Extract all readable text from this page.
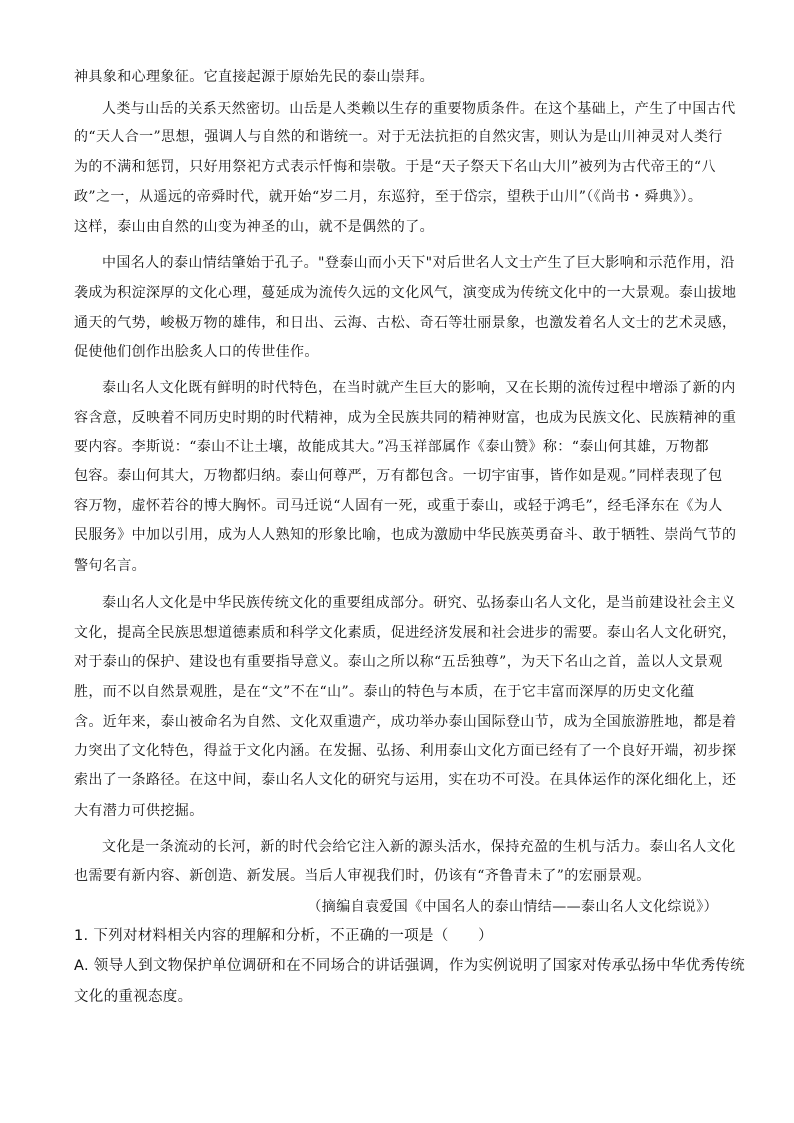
神具象和心理象征。它直接起源于原始先民的泰山崇拜。
人类与山岳的关系天然密切。山岳是人类赖以生存的重要物质条件。在这个基础上，产生了中国古代
的“天人合一”思想，强调人与自然的和谐统一。对于无法抗拒的自然灾害，则认为是山川神灵对人类行
为的不满和惩罚，只好用祭祀方式表示忏悔和崇敬。于是“天子祭天下名山大川”被列为古代帝王的“八
政”之一，从遥远的帝舜时代，就开始“岁二月，东巡狩，至于岱宗，望秩于山川”（《尚书・舜典》）。
这样，泰山由自然的山变为神圣的山，就不是偶然的了。
中国名人的泰山情结肇始于孔子。"登泰山而小天下"对后世名人文士产生了巨大影响和示范作用，沿
袭成为积淀深厚的文化心理，蔓延成为流传久远的文化风气，演变成为传统文化中的一大景观。泰山拔地
通天的气势，峻极万物的雄伟，和日出、云海、古松、奇石等壮丽景象，也激发着名人文士的艺术灵感，
促使他们创作出脍炙人口的传世佳作。
泰山名人文化既有鲜明的时代特色，在当时就产生巨大的影响，又在长期的流传过程中增添了新的内
容含意，反映着不同历史时期的时代精神，成为全民族共同的精神财富，也成为民族文化、民族精神的重
要内容。李斯说：“泰山不让土壤，故能成其大。”冯玉祥部属作《泰山赞》称：“泰山何其雄，万物都
包容。泰山何其大，万物都归纳。泰山何尊严，万有都包含。一切宇宙事，皆作如是观。”同样表现了包
容万物，虚怀若谷的博大胸怀。司马迁说“人固有一死，或重于泰山，或轻于鸿毛”，经毛泽东在《为人
民服务》中加以引用，成为人人熟知的形象比喻，也成为激励中华民族英勇奋斗、敢于牺牲、崇尚气节的
警句名言。
泰山名人文化是中华民族传统文化的重要组成部分。研究、弘扬泰山名人文化，是当前建设社会主义
文化，提高全民族思想道德素质和科学文化素质，促进经济发展和社会进步的需要。泰山名人文化研究，
对于泰山的保护、建设也有重要指导意义。泰山之所以称“五岳独尊”，为天下名山之首，盖以人文景观
胜，而不以自然景观胜，是在“文”不在“山”。泰山的特色与本质，在于它丰富而深厚的历史文化蕴
含。近年来，泰山被命名为自然、文化双重遗产，成功举办泰山国际登山节，成为全国旅游胜地，都是着
力突出了文化特色，得益于文化内涵。在发掘、弘扬、利用泰山文化方面已经有了一个良好开端，初步探
索出了一条路径。在这中间，泰山名人文化的研究与运用，实在功不可没。在具体运作的深化细化上，还
大有潜力可供挖掘。
文化是一条流动的长河，新的时代会给它注入新的源头活水，保持充盈的生机与活力。泰山名人文化
也需要有新内容、新创造、新发展。当后人审视我们时，仍该有“齐鲁青未了”的宏丽景观。
（摘编自袁爱国《中国名人的泰山情结——泰山名人文化综说》）
1. 下列对材料相关内容的理解和分析，不正确的一项是（　　）
A. 领导人到文物保护单位调研和在不同场合的讲话强调，作为实例说明了国家对传承弘扬中华优秀传统
文化的重视态度。
